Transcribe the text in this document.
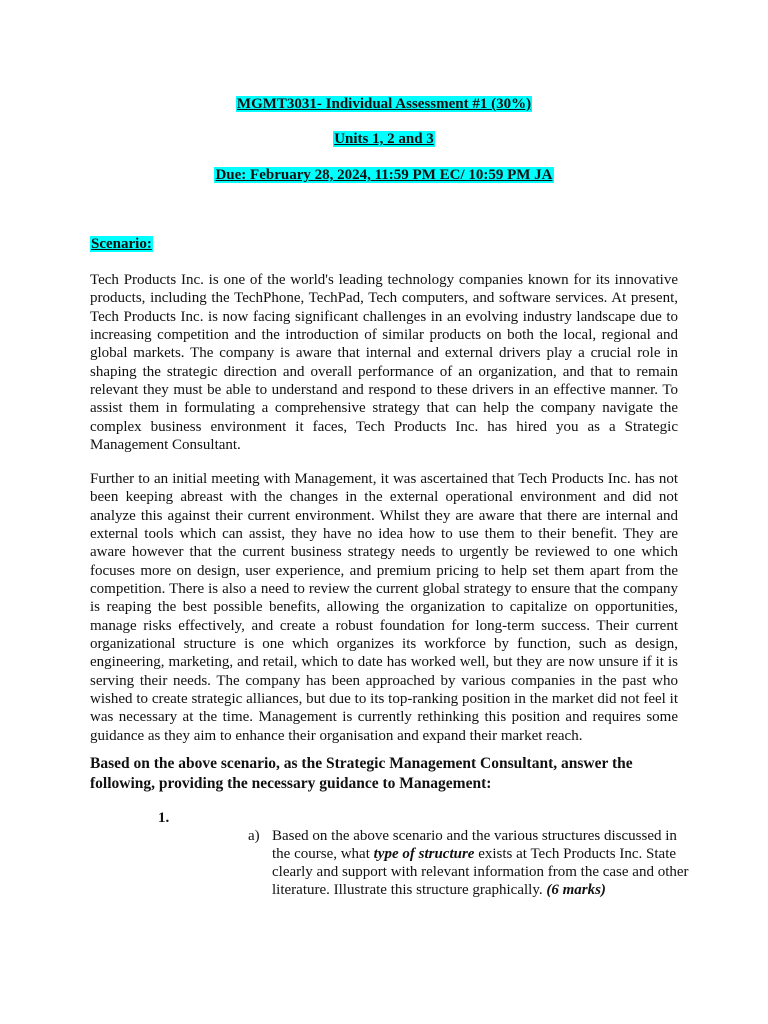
MGMT3031- Individual Assessment #1 (30%)
Units 1, 2 and 3
Due: February 28, 2024, 11:59 PM EC/ 10:59 PM JA
Scenario:

Tech Products Inc. is one of the world's leading technology companies known for its innovative products, including the TechPhone, TechPad, Tech computers, and software services. At present, Tech Products Inc. is now facing significant challenges in an evolving industry landscape due to increasing competition and the introduction of similar products on both the local, regional and global markets. The company is aware that internal and external drivers play a crucial role in shaping the strategic direction and overall performance of an organization, and that to remain relevant they must be able to understand and respond to these drivers in an effective manner. To assist them in formulating a comprehensive strategy that can help the company navigate the complex business environment it faces, Tech Products Inc. has hired you as a Strategic Management Consultant.

Further to an initial meeting with Management, it was ascertained that Tech Products Inc. has not been keeping abreast with the changes in the external operational environment and did not analyze this against their current environment. Whilst they are aware that there are internal and external tools which can assist, they have no idea how to use them to their benefit. They are aware however that the current business strategy needs to urgently be reviewed to one which focuses more on design, user experience, and premium pricing to help set them apart from the competition. There is also a need to review the current global strategy to ensure that the company is reaping the best possible benefits, allowing the organization to capitalize on opportunities, manage risks effectively, and create a robust foundation for long-term success. Their current organizational structure is one which organizes its workforce by function, such as design, engineering, marketing, and retail, which to date has worked well, but they are now unsure if it is serving their needs. The company has been approached by various companies in the past who wished to create strategic alliances, but due to its top-ranking position in the market did not feel it was necessary at the time. Management is currently rethinking this position and requires some guidance as they aim to enhance their organisation and expand their market reach.

Based on the above scenario, as the Strategic Management Consultant, answer the following, providing the necessary guidance to Management:

1.
a) Based on the above scenario and the various structures discussed in the course, what type of structure exists at Tech Products Inc. State clearly and support with relevant information from the case and other literature. Illustrate this structure graphically. (6 marks)
